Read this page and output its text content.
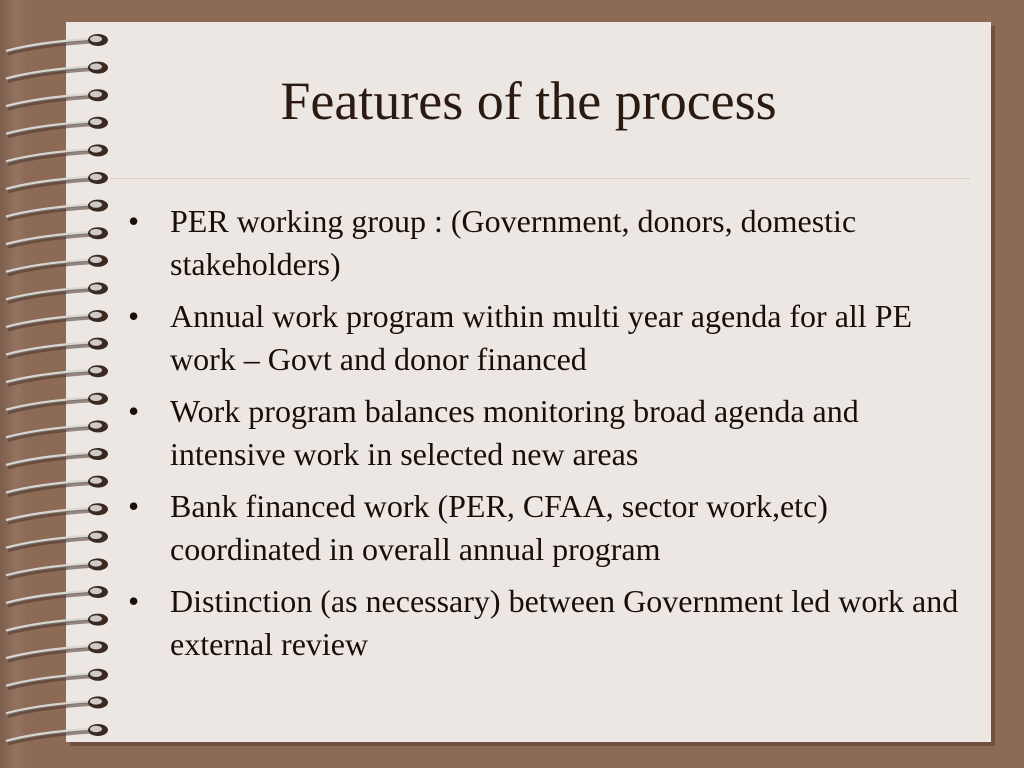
Features of the process
• PER working group : (Government, donors, domestic stakeholders)
• Annual work program within multi year agenda for all PE work – Govt and donor financed
• Work program balances monitoring broad agenda and intensive work in selected new areas
• Bank financed work (PER, CFAA, sector work,etc) coordinated in overall annual program
• Distinction (as necessary) between Government led work and external review
